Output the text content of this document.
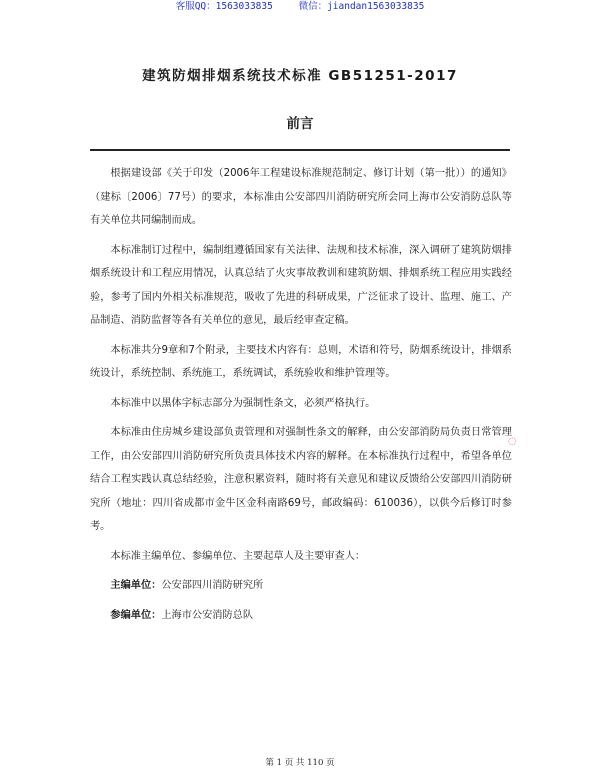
客服QQ：1563033835	微信：jiandan1563033835
建筑防烟排烟系统技术标准 GB51251-2017
前言

根据建设部《关于印发（2006年工程建设标准规范制定、修订计划（第一批））的通知》（建标〔2006〕77号）的要求，本标准由公安部四川消防研究所会同上海市公安消防总队等有关单位共同编制而成。

本标准制订过程中，编制组遵循国家有关法律、法规和技术标准，深入调研了建筑防烟排烟系统设计和工程应用情况，认真总结了火灾事故教训和建筑防烟、排烟系统工程应用实践经验，参考了国内外相关标准规范，吸收了先进的科研成果，广泛征求了设计、监理、施工、产品制造、消防监督等各有关单位的意见，最后经审查定稿。

本标准共分9章和7个附录，主要技术内容有：总则，术语和符号，防烟系统设计，排烟系统设计，系统控制、系统施工，系统调试，系统验收和维护管理等。

本标准中以黑体字标志部分为强制性条文，必须严格执行。

本标准由住房城乡建设部负责管理和对强制性条文的解释，由公安部消防局负责日常管理工作，由公安部四川消防研究所负责具体技术内容的解释。在本标准执行过程中，希望各单位结合工程实践认真总结经验，注意积累资料，随时将有关意见和建议反馈给公安部四川消防研究所（地址：四川省成都市金牛区金科南路69号，邮政编码：610036），以供今后修订时参考。

本标准主编单位、参编单位、主要起草人及主要审查人：

主编单位：公安部四川消防研究所

参编单位：上海市公安消防总队

◌
第 1 页 共 110 页
